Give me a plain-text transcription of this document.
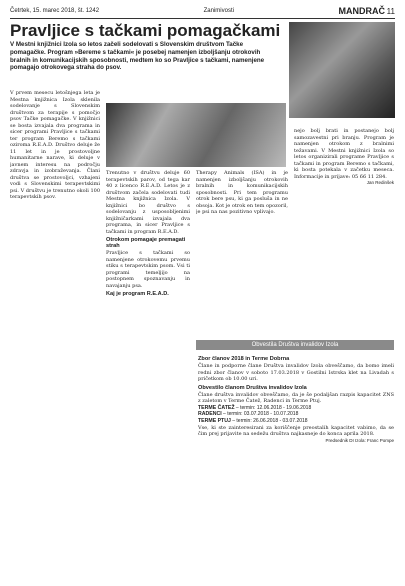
Četrtek, 15. marec 2018, št. 1242	Zanimivosti	MANDRAČ 11
Pravljice s tačkami pomagačkami
V Mestni knjižnici Izola so letos začeli sodelovati s Slovenskim društvom Tačke pomagačke. Program »Bereme s tačkami« je posebej namenjen izboljšanju otrokovih bralnih in komunikacijskih sposobnosti, medtem ko so Pravljice s tačkami, namenjene pomagajo otrokovega straha do psov.
V prvem mesecu letošnjega leta je Mestna knjižnica Izola sklenila sodelovanje s Slovenskim društvom za terapije s pomočjo psov Tačke pomagačke. V knjižnici se bosta izvajala dva programa in sicer programi Pravljice s tačkami ter program Beremo s tačkami oziroma R.E.A.D. Društvo deluje že 11 let in je prostovoljne humanitarne narave, ki deluje v javnem interesu na področju zdravja in izobraževanja. Člani društva se prostovoljci, vzhajeni vodi s Slovenskimi terapevtskimi psi. V društvu je trenutno okoli 100 terapevtskih psov.
Trenutno v društvu deluje 60 terapevtskih parov, od tega kar 40 z licenco R.E.A.D. Letos je z društvom začela sodelovati tudi Mestna knjižnica Izola. V knjižnici bo društvo s sodelovanju z usposobljenimi knjižničarkami izvajala dva programa, in sicer Pravljice s tačkami in program R.E.A.D.
Otrokom pomagaje premagati strah
Pravljice s tačkami so namenjene otrokovemu prvemu stiku s terapevtskim psom. Vsi ti programi temeljijo na postopnem spoznavanju in navajanju psa.
Kaj je program R.E.A.D.
Therapy Animals (ISA) in je namenjen izboljšanju otrokovih bralnih in komunikacijskih sposobnosti. Pri tem programu otrok bere psu, ki ga posluša in ne obsoja. Kot je otrok en tem opozoril, je psi na nas pozitivno vplivajo.
nejo bolj brati in postanejo bolj samozavestni pri branju. Program je namenjen otrokom z bralnimi težavami. V Mestni knjižnici Izola so letos organizirali programe Pravljice s tačkami in program Beremo s tačkami, ki bosta potekala v začetku meseca. Informacije in prijave: 05 66 11 284.
Jan Redinšek
Obvestila Društva invalidov Izola
Zbor članov 2018 in Terme Dobrna
Člane in podporne člane Društva invalidov Izola obveščamo, da bomo imeli redni zbor članov v soboto 17.03.2018 v Gostilni Istrska klet na Livadah s pričetkom ob 10.00 uri.
Obvestilo članom Društva invalidov Izola
Člane društva invalidov obveščamo, da je še podaljšan razpis kapacitet ZNS z zaletom v Terme Čatež, Radenci in Terme Ptuj.
TERME ČATEŽ – termin: 12.06.2018 - 19.06.2018
RADENCI – termin: 03.07.2018 - 10.07.2018
TERME PTUJ – termin: 26.06.2018 - 03.07.2018
Vse, ki ste zainteresirani za koriščenje preostalih kapacitet vabimo, da se čim prej prijavite na sedežu društva najkasneje do konca aprila 2018.
Predsednik DI Izola: Franc Pompe
